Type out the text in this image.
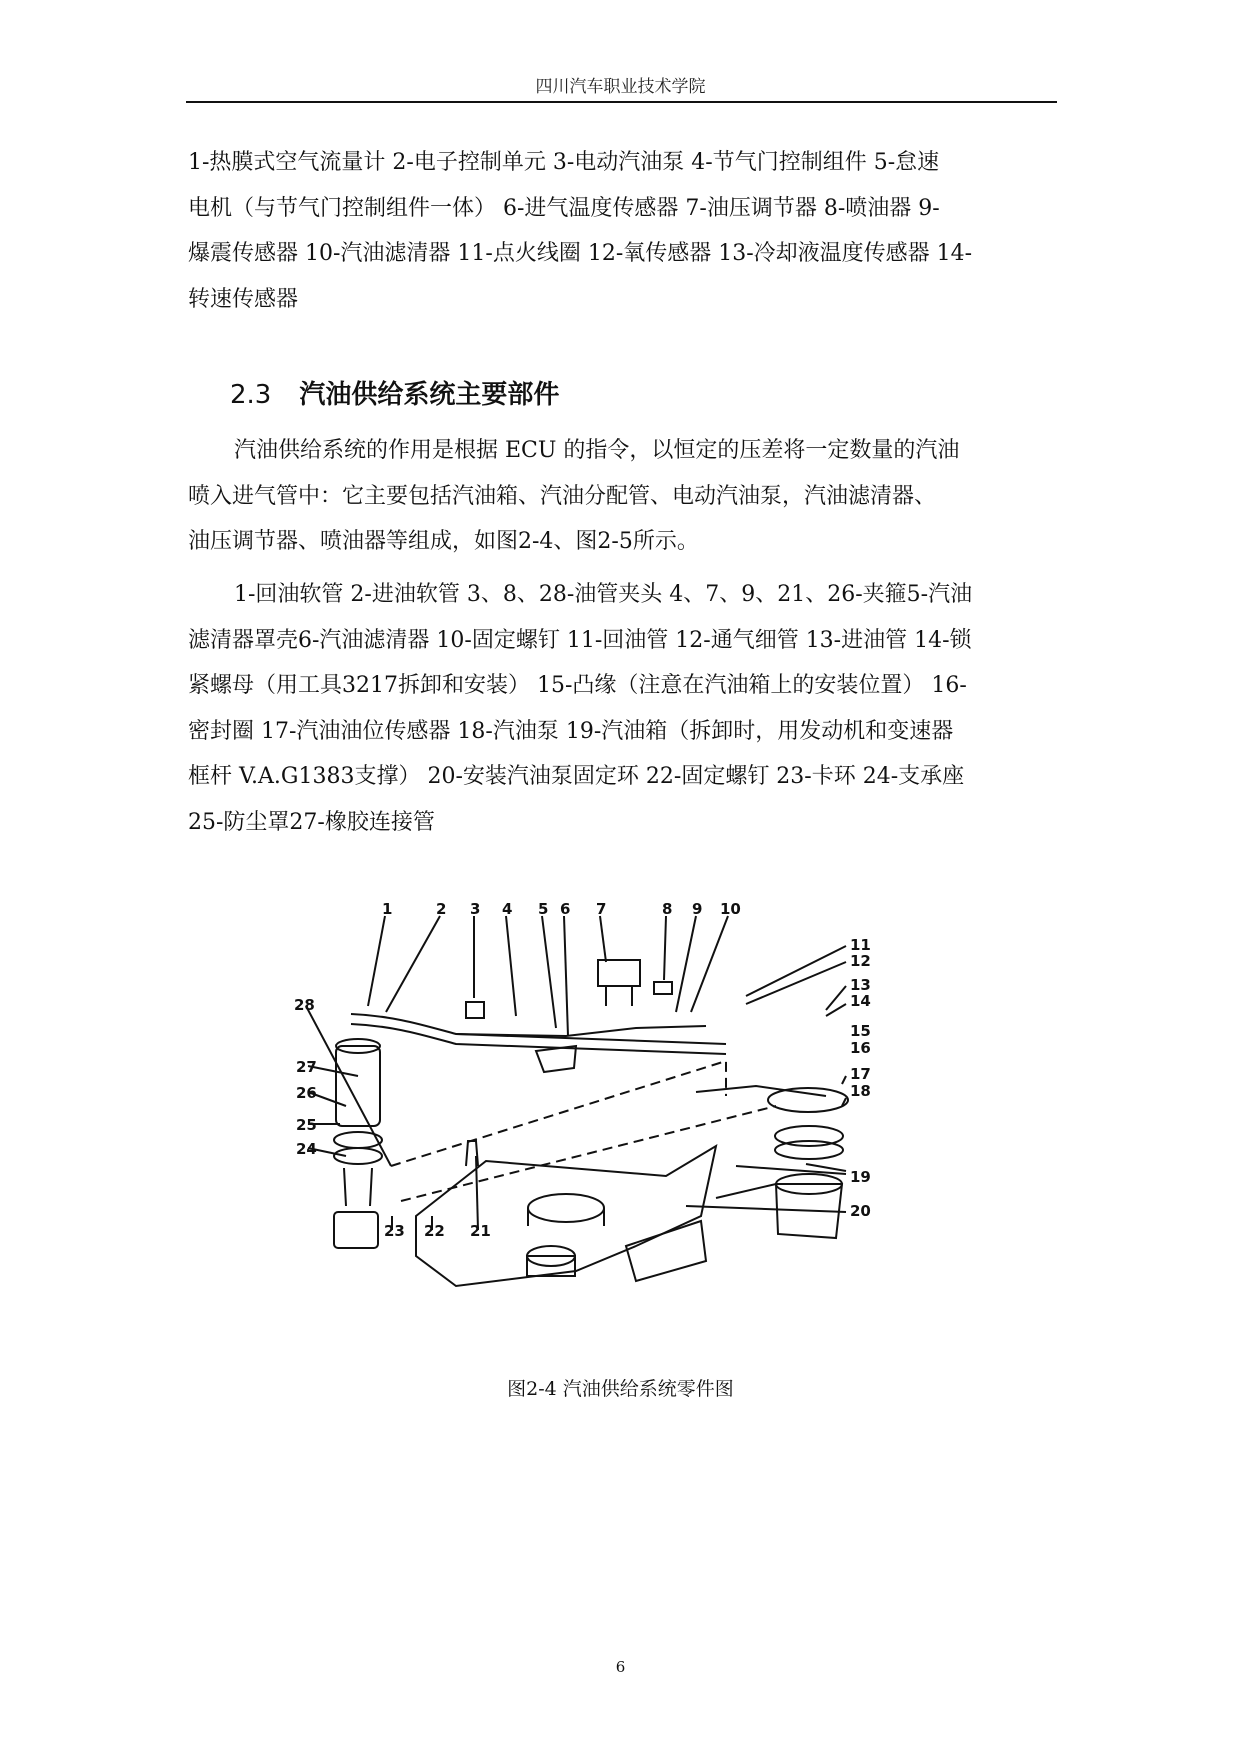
四川汽车职业技术学院
1-热膜式空气流量计 2-电子控制单元 3-电动汽油泵 4-节气门控制组件 5-怠速
电机（与节气门控制组件一体） 6-进气温度传感器 7-油压调节器 8-喷油器 9-
爆震传感器 10-汽油滤清器 11-点火线圈 12-氧传感器 13-冷却液温度传感器 14-
转速传感器
2.3 汽油供给系统主要部件
汽油供给系统的作用是根据 ECU 的指令，以恒定的压差将一定数量的汽油
喷入进气管中：它主要包括汽油箱、汽油分配管、电动汽油泵，汽油滤清器、
油压调节器、喷油器等组成，如图2-4、图2-5所示。
1-回油软管 2-进油软管 3、8、28-油管夹头 4、7、9、21、26-夹箍5-汽油
滤清器罩壳6-汽油滤清器 10-固定螺钉 11-回油管 12-通气细管 13-进油管 14-锁
紧螺母（用工具3217拆卸和安装） 15-凸缘（注意在汽油箱上的安装位置） 16-
密封圈 17-汽油油位传感器 18-汽油泵 19-汽油箱（拆卸时，用发动机和变速器
框杆 V.A.G1383支撑） 20-安装汽油泵固定环 22-固定螺钉 23-卡环 24-支承座
25-防尘罩27-橡胶连接管
1	2 3 4 5 6 7	8 9 10
11
12
13
14
15
16
17
18
19
20
28
27
26
25
24
23 22 21
图2-4 汽油供给系统零件图
6
